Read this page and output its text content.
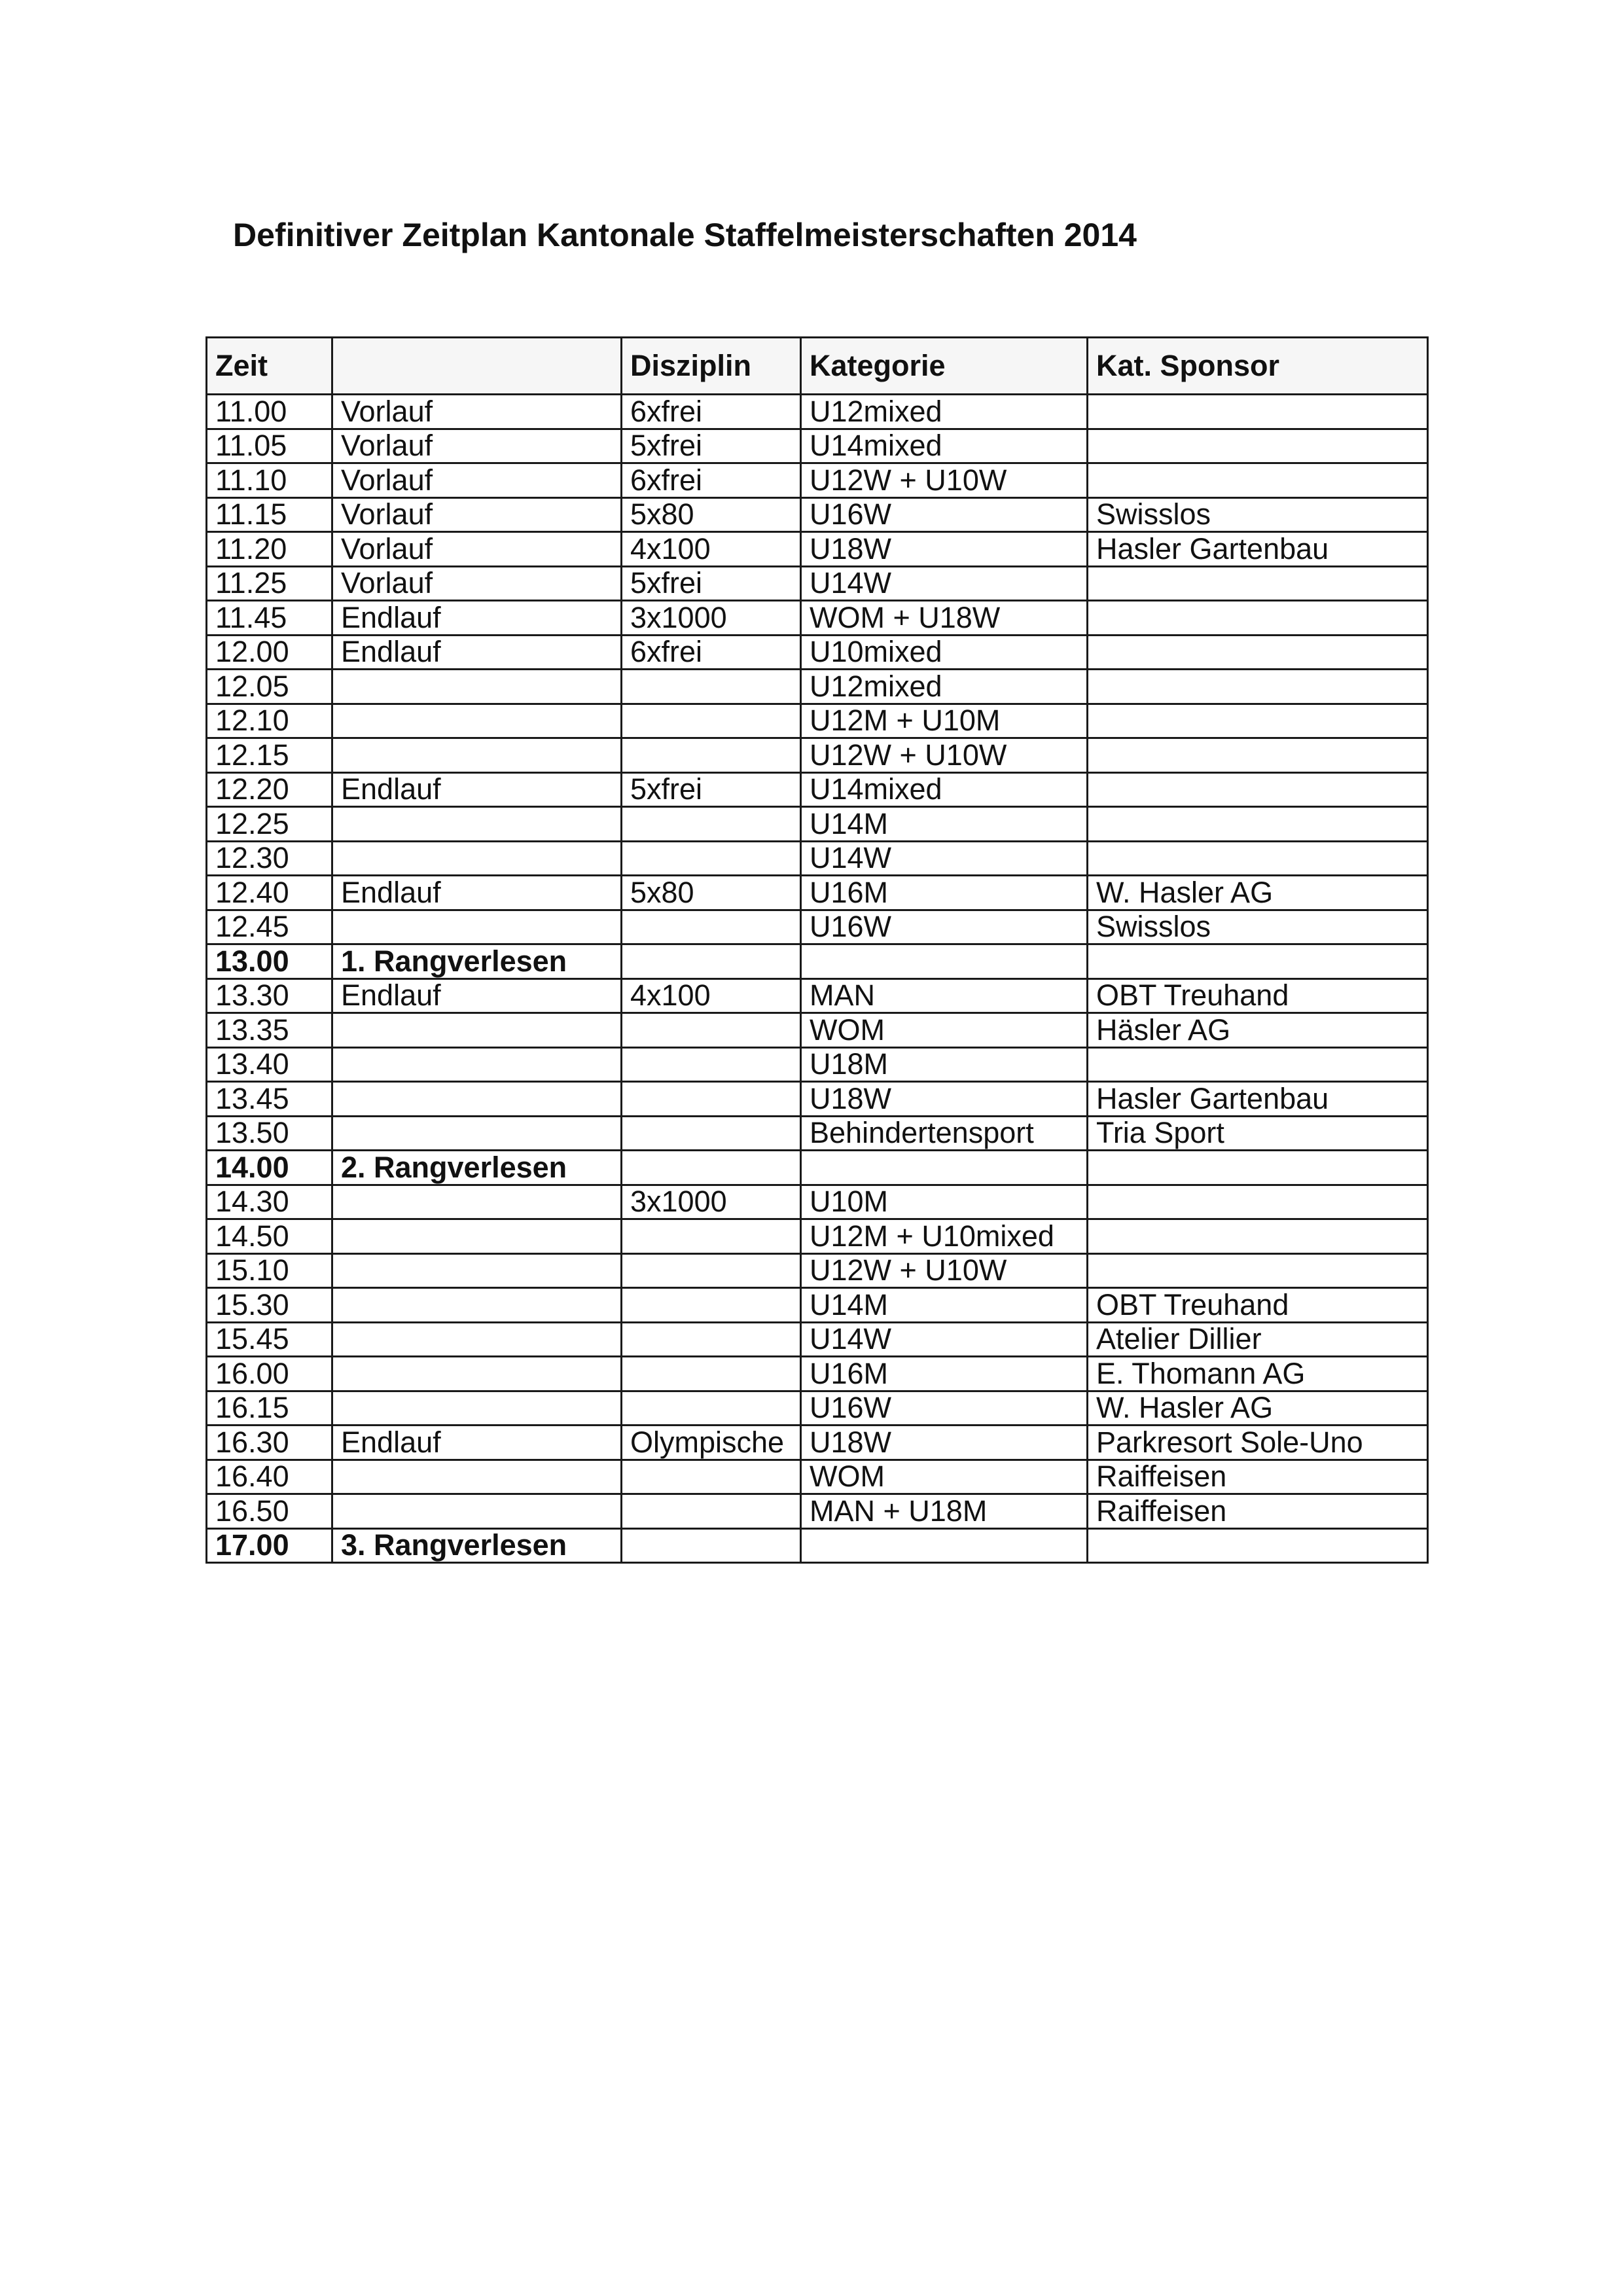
Definitiver Zeitplan Kantonale Staffelmeisterschaften 2014
Zeit		Disziplin	Kategorie	Kat. Sponsor
11.00	Vorlauf	6xfrei	U12mixed	
11.05	Vorlauf	5xfrei	U14mixed	
11.10	Vorlauf	6xfrei	U12W + U10W	
11.15	Vorlauf	5x80	U16W	Swisslos
11.20	Vorlauf	4x100	U18W	Hasler Gartenbau
11.25	Vorlauf	5xfrei	U14W	
11.45	Endlauf	3x1000	WOM + U18W	
12.00	Endlauf	6xfrei	U10mixed	
12.05			U12mixed	
12.10			U12M + U10M	
12.15			U12W + U10W	
12.20	Endlauf	5xfrei	U14mixed	
12.25			U14M	
12.30			U14W	
12.40	Endlauf	5x80	U16M	W. Hasler AG
12.45			U16W	Swisslos
13.00	1. Rangverlesen			
13.30	Endlauf	4x100	MAN	OBT Treuhand
13.35			WOM	Häsler AG
13.40			U18M	
13.45			U18W	Hasler Gartenbau
13.50			Behindertensport	Tria Sport
14.00	2. Rangverlesen			
14.30		3x1000	U10M	
14.50			U12M + U10mixed	
15.10			U12W + U10W	
15.30			U14M	OBT Treuhand
15.45			U14W	Atelier Dillier
16.00			U16M	E. Thomann AG
16.15			U16W	W. Hasler AG
16.30	Endlauf	Olympische	U18W	Parkresort Sole-Uno
16.40			WOM	Raiffeisen
16.50			MAN + U18M	Raiffeisen
17.00	3. Rangverlesen			
